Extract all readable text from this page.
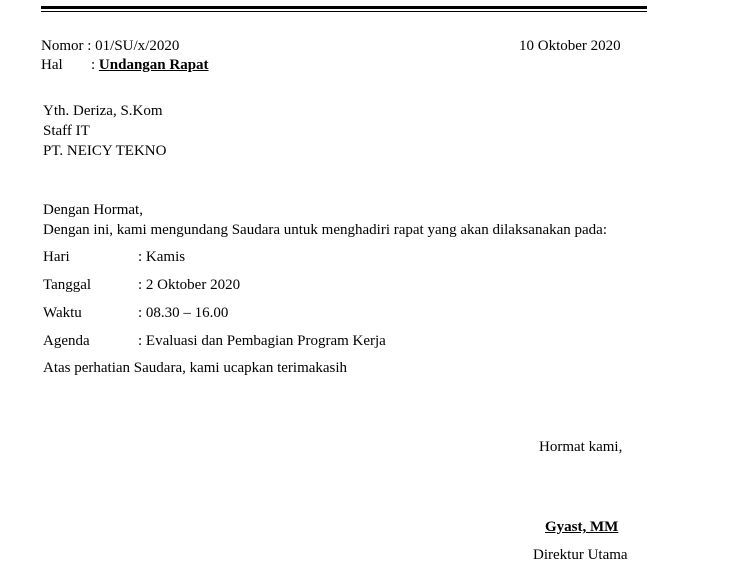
Nomor : 01/SU/x/2020
Hal : Undangan Rapat
10 Oktober 2020
Yth. Deriza, S.Kom
Staff IT
PT. NEICY TEKNO
Dengan Hormat,
Dengan ini, kami mengundang Saudara untuk menghadiri rapat yang akan dilaksanakan pada:
Hari	: Kamis
Tanggal	: 2 Oktober 2020
Waktu	: 08.30 – 16.00
Agenda	: Evaluasi dan Pembagian Program Kerja
Atas perhatian Saudara, kami ucapkan terimakasih
Hormat kami,
Gyast, MM
Direktur Utama
